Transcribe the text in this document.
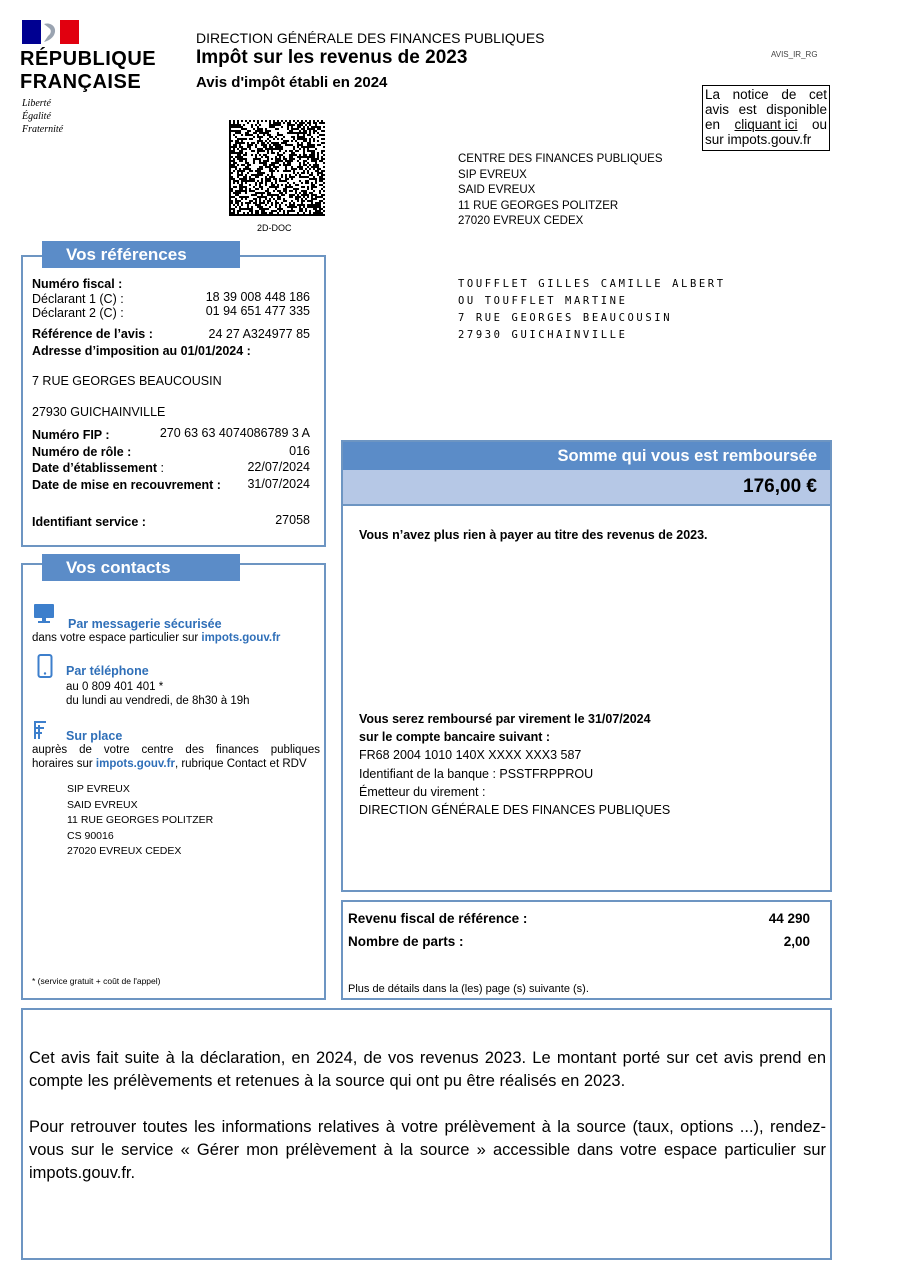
RÉPUBLIQUE
FRANÇAISE
Liberté
Égalité
Fraternité
DIRECTION GÉNÉRALE DES FINANCES PUBLIQUES
Impôt sur les revenus de 2023
Avis d'impôt établi en 2024
AVIS_IR_RG
La notice de cet
avis est disponible
en cliquant ici ou
sur impots.gouv.fr
2D-DOC
CENTRE DES FINANCES PUBLIQUES
SIP EVREUX
SAID EVREUX
11 RUE GEORGES POLITZER
27020 EVREUX CEDEX
TOUFFLET GILLES CAMILLE ALBERT
OU TOUFFLET MARTINE
7 RUE GEORGES BEAUCOUSIN
27930 GUICHAINVILLE
Vos références
Numéro fiscal :
Déclarant 1 (C) :	18 39 008 448 186
Déclarant 2 (C) :	01 94 651 477 335
Référence de l’avis :	24 27 A324977 85
Adresse d’imposition au 01/01/2024 :
7 RUE GEORGES BEAUCOUSIN
27930 GUICHAINVILLE
Numéro FIP :	270 63 63 4074086789 3 A
Numéro de rôle :	016
Date d’établissement :	22/07/2024
Date de mise en recouvrement : 31/07/2024
Identifiant service :	27058
Vos contacts
Par messagerie sécurisée
dans votre espace particulier sur impots.gouv.fr
Par téléphone
au 0 809 401 401 *
du lundi au vendredi, de 8h30 à 19h
Sur place
auprès de votre centre des finances publiques
horaires sur impots.gouv.fr, rubrique Contact et RDV
SIP EVREUX
SAID EVREUX
11 RUE GEORGES POLITZER
CS 90016
27020 EVREUX CEDEX
* (service gratuit + coût de l'appel)
Somme qui vous est remboursée
176,00 €
Vous n’avez plus rien à payer au titre des revenus de 2023.
Vous serez remboursé par virement le 31/07/2024
sur le compte bancaire suivant :
FR68 2004 1010 140X XXXX XXX3 587
Identifiant de la banque : PSSTFRPPROU
Émetteur du virement :
DIRECTION GÉNÉRALE DES FINANCES PUBLIQUES
Revenu fiscal de référence :	44 290
Nombre de parts :	2,00
Plus de détails dans la (les) page (s) suivante (s).
Cet avis fait suite à la déclaration, en 2024, de vos revenus 2023. Le montant porté sur cet avis prend en compte les prélèvements et retenues à la source qui ont pu être réalisés en 2023.
Pour retrouver toutes les informations relatives à votre prélèvement à la source (taux, options ...), rendez-vous sur le service « Gérer mon prélèvement à la source » accessible dans votre espace particulier sur impots.gouv.fr.
